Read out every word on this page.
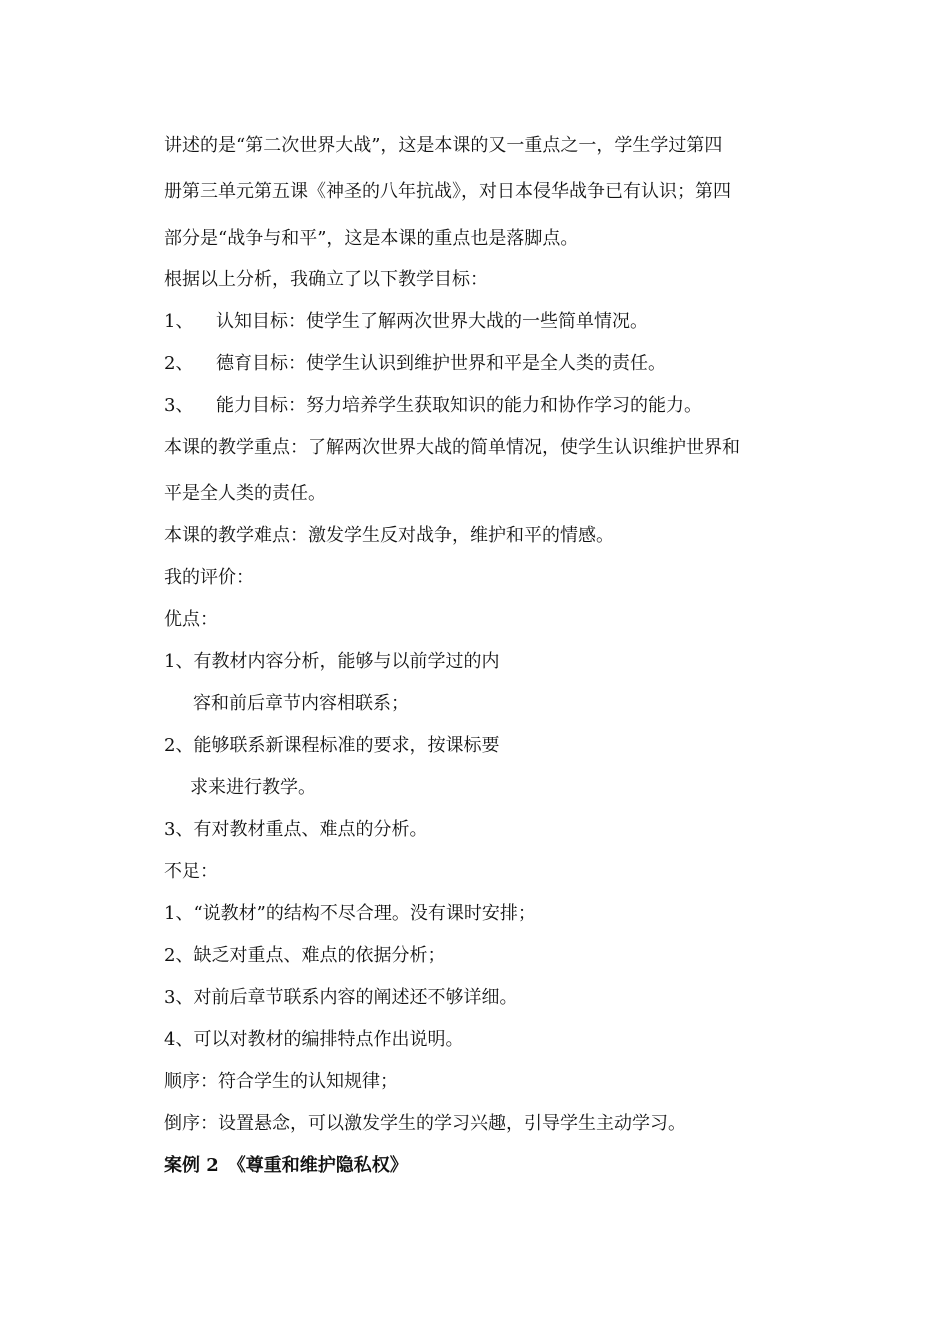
讲述的是“第二次世界大战”，这是本课的又一重点之一，学生学过第四
册第三单元第五课《神圣的八年抗战》，对日本侵华战争已有认识；第四
部分是“战争与和平”，这是本课的重点也是落脚点。
根据以上分析，我确立了以下教学目标：
1、 认知目标：使学生了解两次世界大战的一些简单情况。
2、 德育目标：使学生认识到维护世界和平是全人类的责任。
3、 能力目标：努力培养学生获取知识的能力和协作学习的能力。
本课的教学重点：了解两次世界大战的简单情况，使学生认识维护世界和
平是全人类的责任。
本课的教学难点：激发学生反对战争，维护和平的情感。
我的评价：
优点：
1、有教材内容分析，能够与以前学过的内
容和前后章节内容相联系；
2、能够联系新课程标准的要求，按课标要
求来进行教学。
3、有对教材重点、难点的分析。
不足：
1、“说教材”的结构不尽合理。没有课时安排；
2、缺乏对重点、难点的依据分析；
3、对前后章节联系内容的阐述还不够详细。
4、可以对教材的编排特点作出说明。
顺序：符合学生的认知规律；
倒序：设置悬念，可以激发学生的学习兴趣，引导学生主动学习。
案例 2　《尊重和维护隐私权》
